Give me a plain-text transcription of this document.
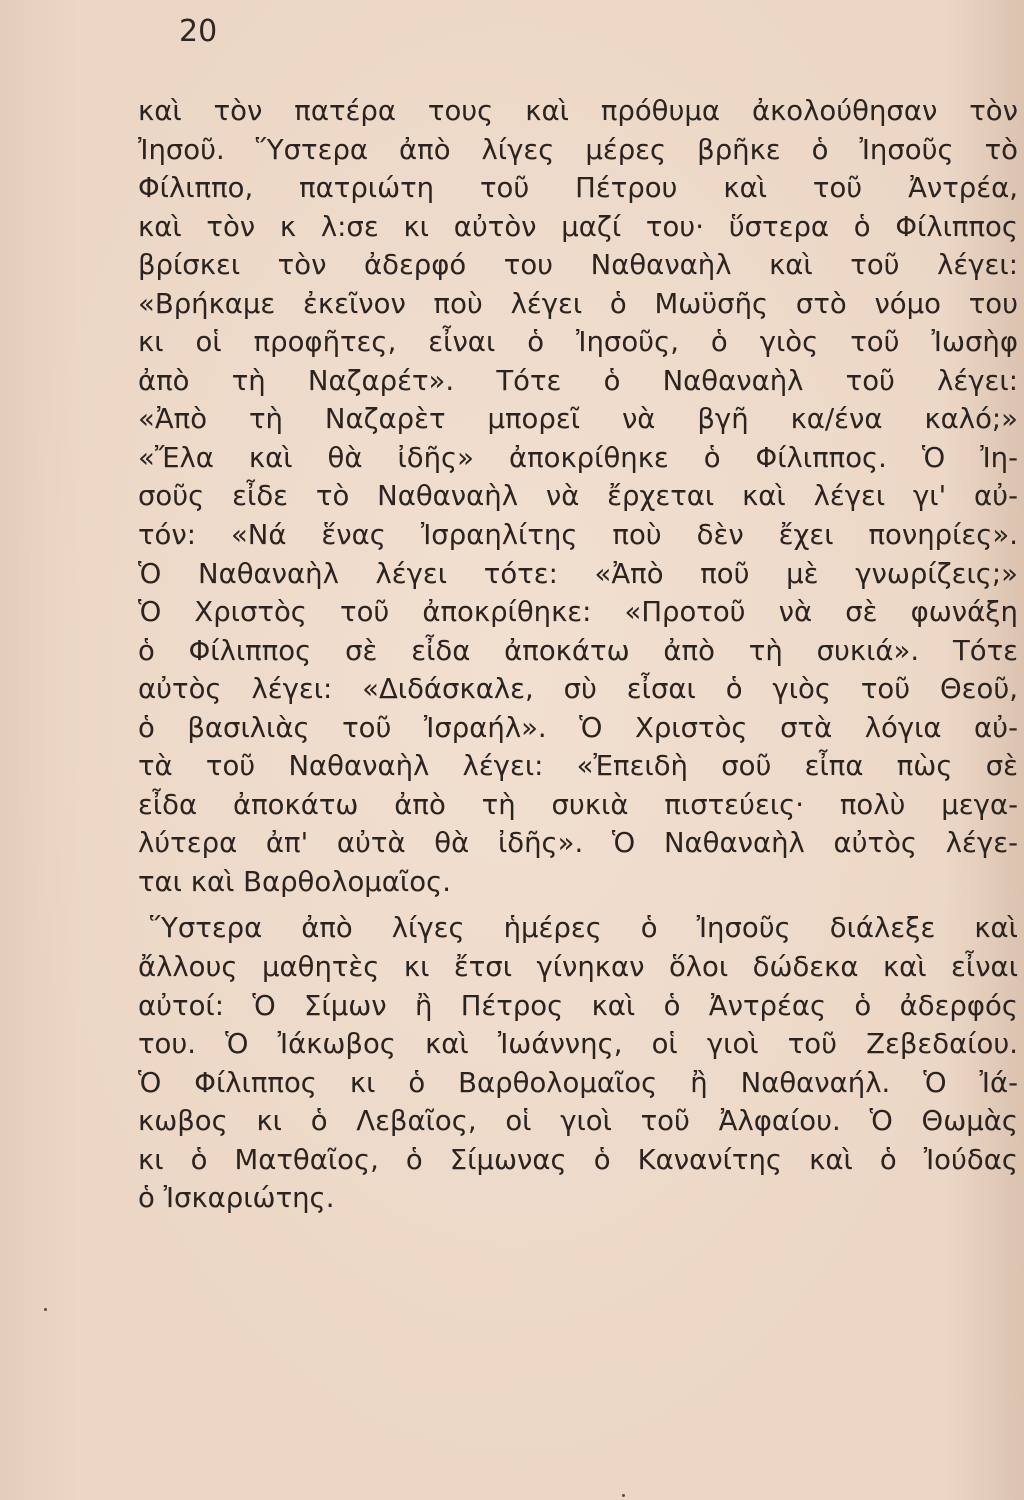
20
καὶ τὸν πατέρα τους καὶ πρόθυμα ἀκολούθησαν τὸν
Ἰησοῦ. Ὕστερα ἀπὸ λίγες μέρες βρῆκε ὁ Ἰησοῦς τὸ
Φίλιππο, πατριώτη τοῦ Πέτρου καὶ τοῦ Ἀντρέα,
καὶ τὸν κ λ:σε κι αὐτὸν μαζί του· ὕστερα ὁ Φίλιππος
βρίσκει τὸν ἀδερφό του Ναθαναὴλ καὶ τοῦ λέγει:
«Βρήκαμε ἐκεῖνον ποὺ λέγει ὁ Μωϋσῆς στὸ νόμο του
κι οἱ προφῆτες, εἶναι ὁ Ἰησοῦς, ὁ γιὸς τοῦ Ἰωσὴφ
ἀπὸ τὴ Ναζαρέτ». Τότε ὁ Ναθαναὴλ τοῦ λέγει:
«Ἀπὸ τὴ Ναζαρὲτ μπορεῖ νὰ βγῆ κα/ένα καλό;»
«Ἔλα καὶ θὰ ἰδῆς» ἀποκρίθηκε ὁ Φίλιππος. Ὁ Ἰη-
σοῦς εἶδε τὸ Ναθαναὴλ νὰ ἔρχεται καὶ λέγει γι' αὐ-
τόν: «Νά ἕνας Ἰσραηλίτης ποὺ δὲν ἔχει πονηρίες».
Ὁ Ναθαναὴλ λέγει τότε: «Ἀπὸ ποῦ μὲ γνωρίζεις;»
Ὁ Χριστὸς τοῦ ἀποκρίθηκε: «Προτοῦ νὰ σὲ φωνάξη
ὁ Φίλιππος σὲ εἶδα ἀποκάτω ἀπὸ τὴ συκιά». Τότε
αὐτὸς λέγει: «Διδάσκαλε, σὺ εἶσαι ὁ γιὸς τοῦ Θεοῦ,
ὁ βασιλιὰς τοῦ Ἰσραήλ». Ὁ Χριστὸς στὰ λόγια αὐ-
τὰ τοῦ Ναθαναὴλ λέγει: «Ἐπειδὴ σοῦ εἶπα πὼς σὲ
εἶδα ἀποκάτω ἀπὸ τὴ συκιὰ πιστεύεις· πολὺ μεγα-
λύτερα ἀπ' αὐτὰ θὰ ἰδῆς». Ὁ Ναθαναὴλ αὐτὸς λέγε-
ται καὶ Βαρθολομαῖος.
Ὕστερα ἀπὸ λίγες ἡμέρες ὁ Ἰησοῦς διάλεξε καὶ
ἄλλους μαθητὲς κι ἔτσι γίνηκαν ὅλοι δώδεκα καὶ εἶναι
αὐτοί: Ὁ Σίμων ἢ Πέτρος καὶ ὁ Ἀντρέας ὁ ἀδερφός
του. Ὁ Ἰάκωβος καὶ Ἰωάννης, οἱ γιοὶ τοῦ Ζεβεδαίου.
Ὁ Φίλιππος κι ὁ Βαρθολομαῖος ἢ Ναθαναήλ. Ὁ Ἰά-
κωβος κι ὁ Λεβαῖος, οἱ γιοὶ τοῦ Ἀλφαίου. Ὁ Θωμὰς
κι ὁ Ματθαῖος, ὁ Σίμωνας ὁ Κανανίτης καὶ ὁ Ἰούδας
ὁ Ἰσκαριώτης.
